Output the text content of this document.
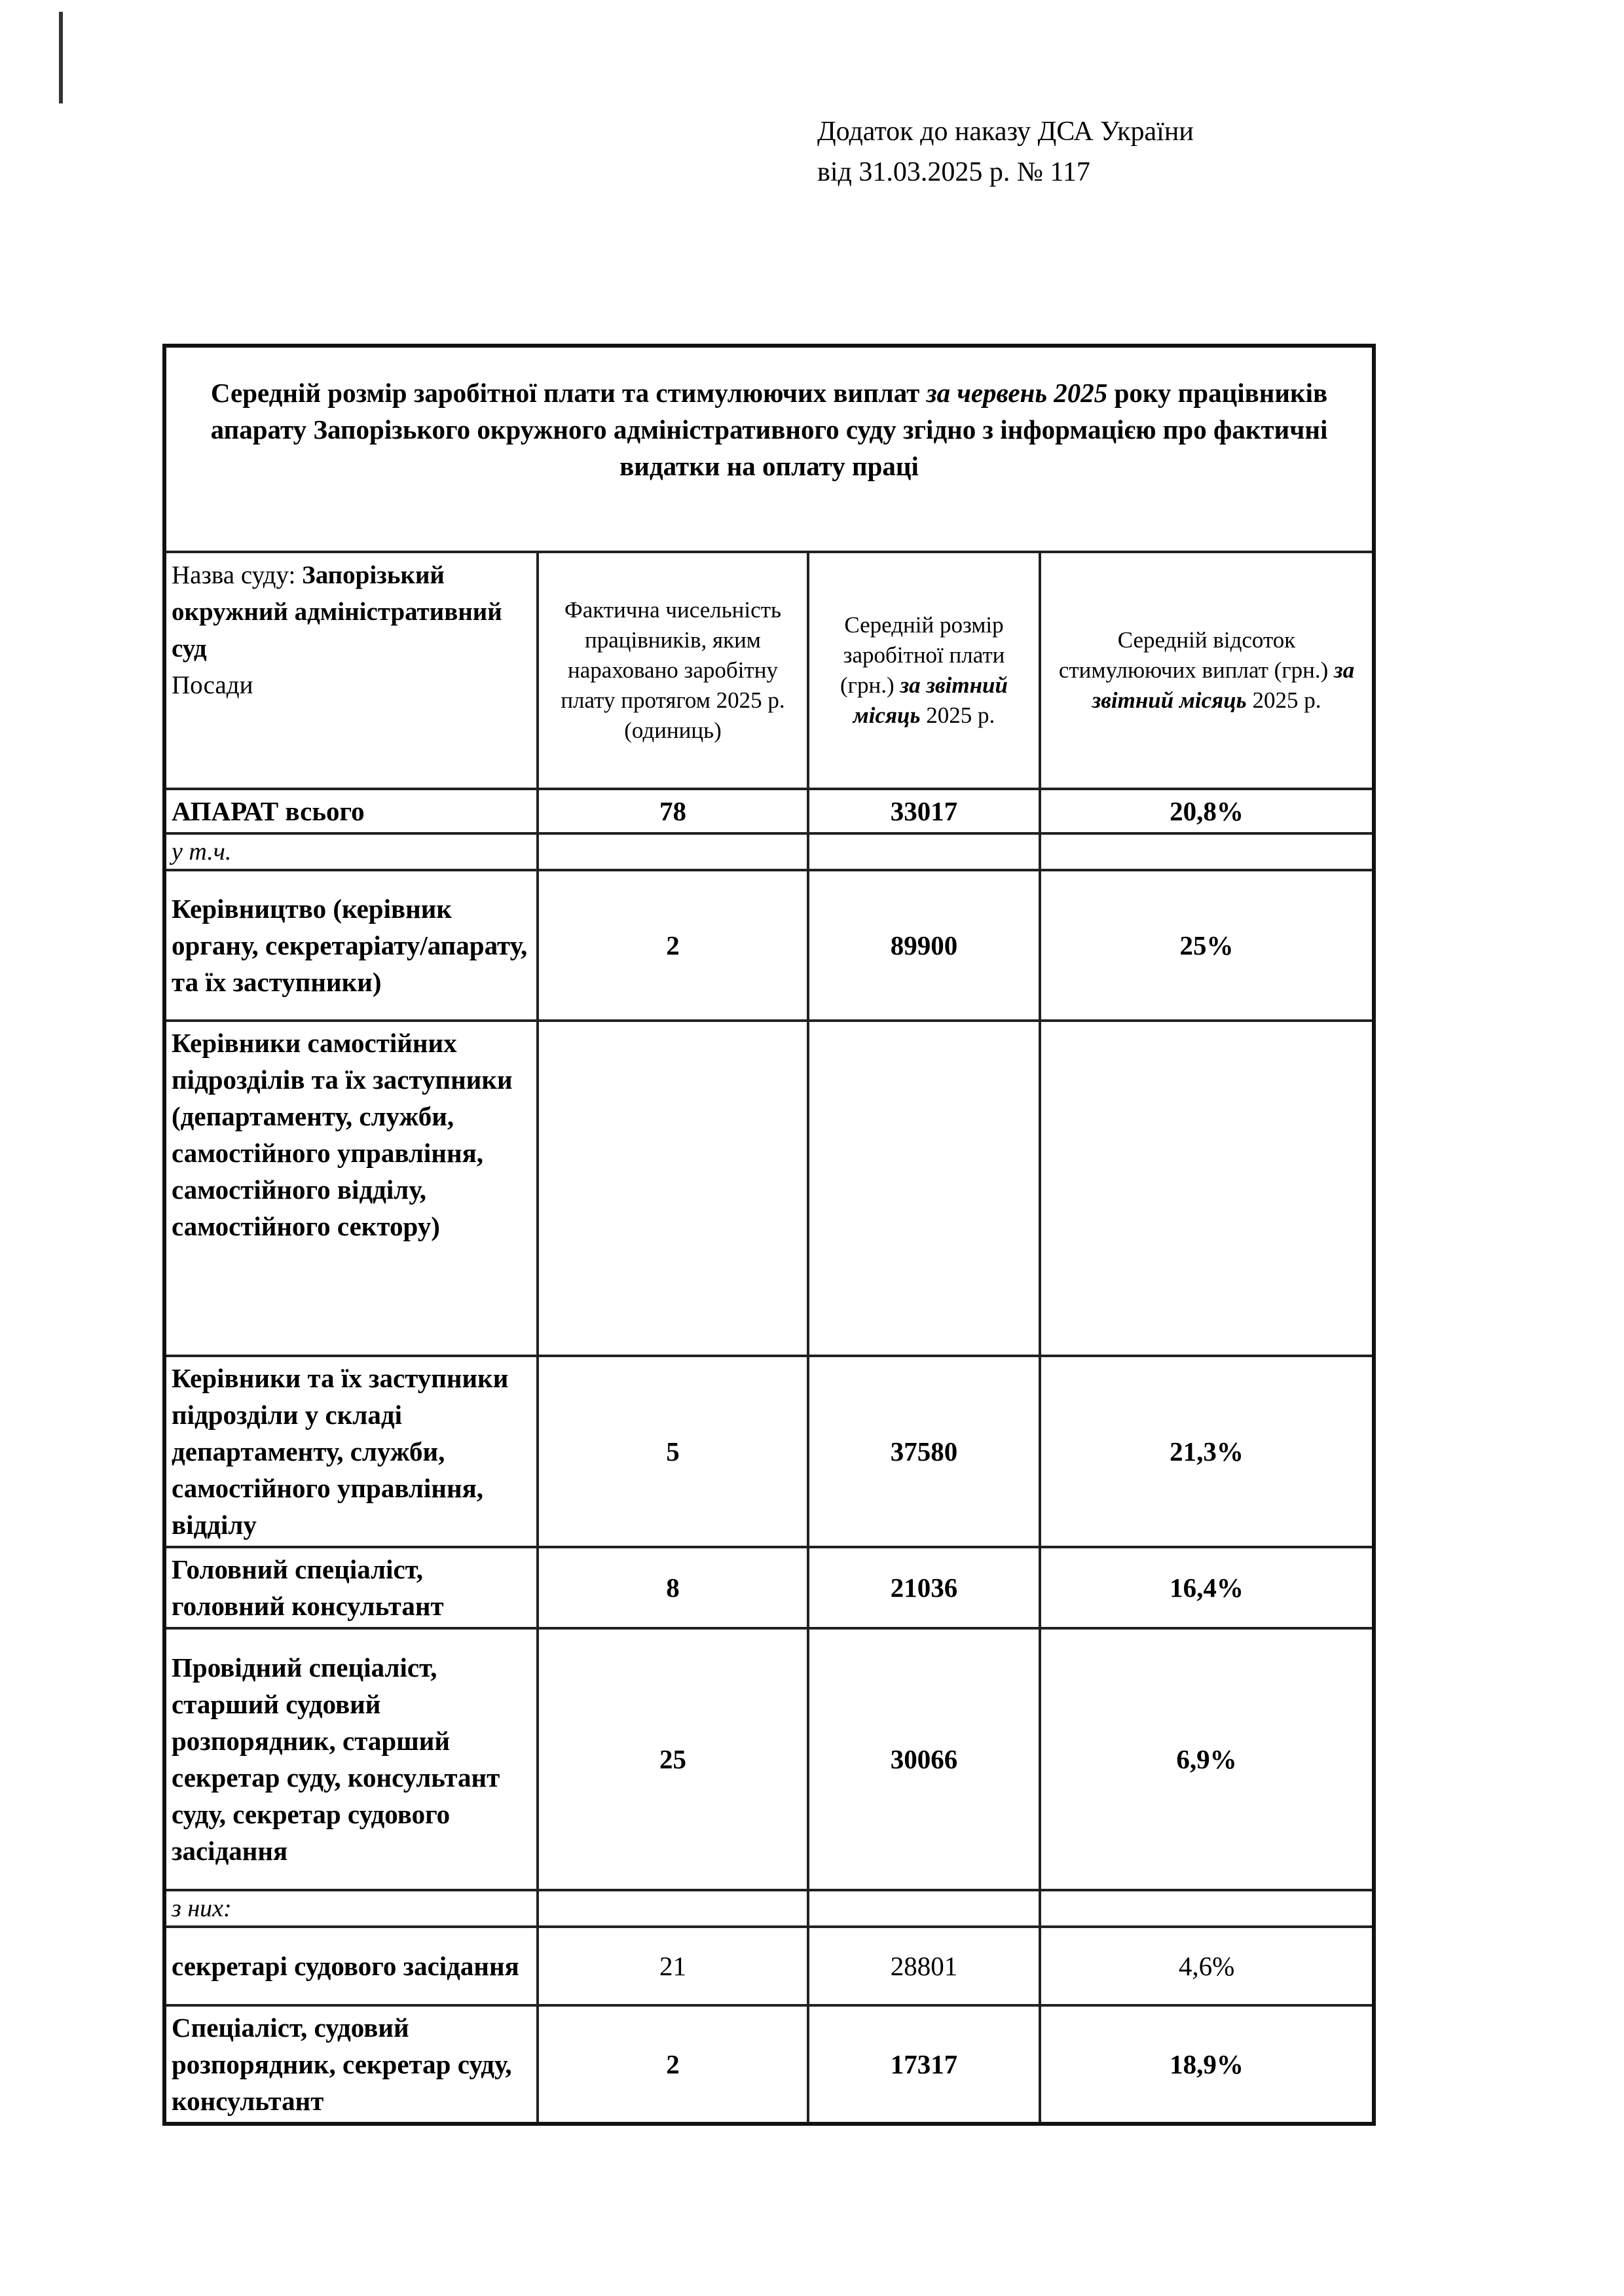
Додаток до наказу ДСА України
від 31.03.2025 р. № 117
Середній розмір заробітної плати та стимулюючих виплат за червень 2025 року працівників апарату Запорізького окружного адміністративного суду згідно з інформацією про фактичні видатки на оплату праці			
Назва суду: Запорізький окружний адміністративний суд
Посади	Фактична чисельність працівників, яким нараховано заробітну плату протягом 2025 р.(одиниць)	Середній розмір заробітної плати (грн.) за звітний місяць 2025 р.	Середній відсоток стимулюючих виплат (грн.) за звітний місяць 2025 р.
АПАРАТ всього	78	33017	20,8%
у т.ч.			
Керівництво (керівник органу, секретаріату/апарату, та їх заступники)	2	89900	25%
Керівники самостійних підрозділів та їх заступники (департаменту, служби, самостійного управління, самостійного відділу, самостійного сектору)			
Керівники та їх заступники підрозділи у складі департаменту, служби, самостійного управління, відділу	5	37580	21,3%
Головний спеціаліст, головний консультант	8	21036	16,4%
Провідний спеціаліст, старший судовий розпорядник, старший секретар суду, консультант суду, секретар судового засідання	25	30066	6,9%
з них:			
секретарі судового засідання	21	28801	4,6%
Спеціаліст, судовий розпорядник, секретар суду, консультант	2	17317	18,9%
